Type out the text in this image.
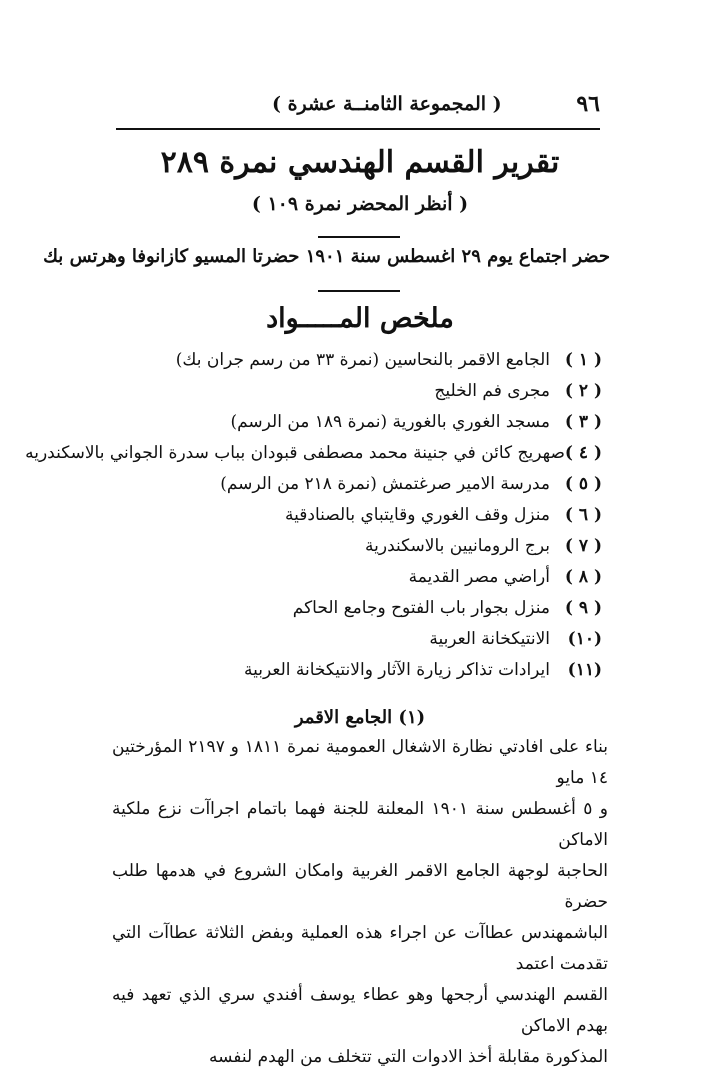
٩٦
( المجموعة الثامنــة عشرة )
تقرير القسم الهندسي نمرة ٢٨٩
( أنظر المحضر نمرة ١٠٩ )
حضر اجتماع يوم ٢٩ اغسطس سنة ١٩٠١ حضرتا المسيو كازانوفا وهرتس بك
ملخص المـــــواد
( ١ )
الجامع الاقمر بالنحاسين (نمرة ٣٣ من رسم جران بك)
( ٢ )
مجرى فم الخليج
( ٣ )
مسجد الغوري بالغورية (نمرة ١٨٩ من الرسم)
( ٤ )
صهريج كائن في جنينة محمد مصطفى قبودان بباب سدرة الجواني بالاسكندريه
( ٥ )
مدرسة الامير صرغتمش (نمرة ٢١٨ من الرسم)
( ٦ )
منزل وقف الغوري وقايتباي بالصنادقية
( ٧ )
برج الرومانيين بالاسكندرية
( ٨ )
أراضي مصر القديمة
( ٩ )
منزل بجوار باب الفتوح وجامع الحاكم
(١٠)
الانتيكخانة العربية
(١١)
ايرادات تذاكر زيارة الآثار والانتيكخانة العربية
(١) الجامع الاقمر

بناء على افادتي نظارة الاشغال العمومية نمرة ١٨١١ و ٢١٩٧ المؤرختين ١٤ مايو
و ٥ أغسطس سنة ١٩٠١ المعلنة للجنة فهما باتمام اجراآت نزع ملكية الاماكن
الحاجبة لوجهة الجامع الاقمر الغربية وامكان الشروع في هدمها طلب حضرة
الباشمهندس عطاآت عن اجراء هذه العملية وبفض الثلاثة عطاآت التي تقدمت اعتمد
القسم الهندسي أرجحها وهو عطاء يوسف أفندي سري الذي تعهد فيه بهدم الاماكن
المذكورة مقابلة أخذ الادوات التي تتخلف من الهدم لنفسه
